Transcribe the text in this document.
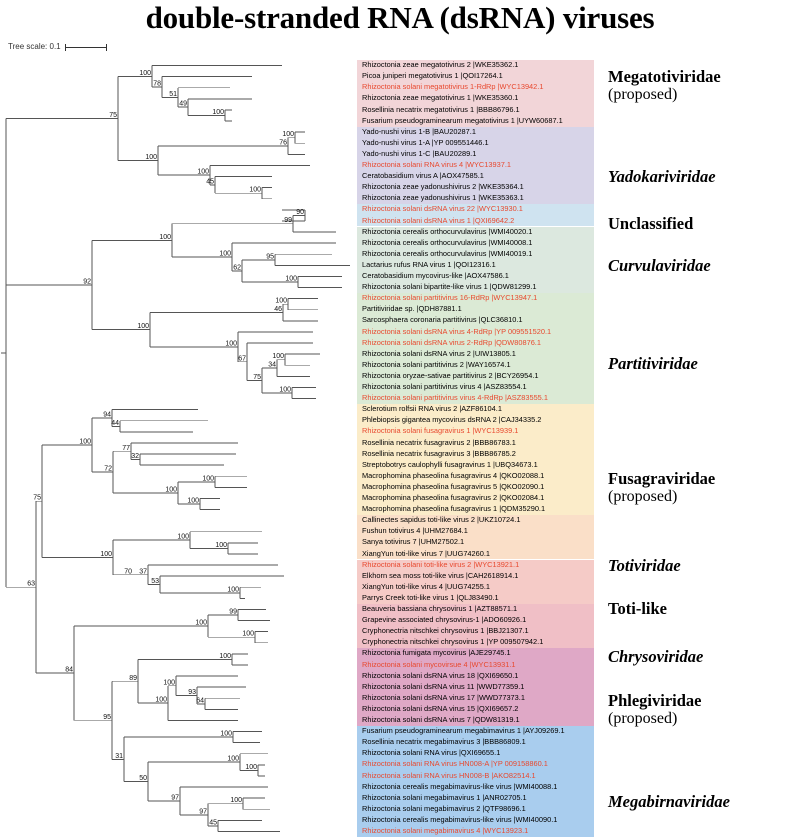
double-stranded RNA (dsRNA) viruses
Tree scale: 0.1
100
49
51
78
100
100
76
100
45
100
100
75
90
99
95
100
62
100
100
100
46
100
34
100
75
67
100
100
92
44
94
32
77
100
100
100
72
100
100
100
100
53
37
70
100
75
99
100
100
100
64
93
100
100
89
100
100
100
100
45
97
97
50
31
95
84
63
Rhizoctonia zeae megatotivirus 2 |WKE35362.1
Picoa juniperi megatotivirus 1 |QOI17264.1
Rhizoctonia solani megatotivirus 1-RdRp |WYC13942.1
Rhizoctonia zeae megatotivirus 1 |WKE35360.1
Rosellinia necatrix megatotivirus 1 |BBB86796.1
Fusarium pseudograminearum megatotivirus 1 |UYW60687.1
Yado-nushi virus 1-B |BAU20287.1
Yado-nushi virus 1-A |YP 009551446.1
Yado-nushi virus 1-C |BAU20289.1
Rhizoctonia solani RNA virus 4 |WYC13937.1
Ceratobasidium virus A |AOX47585.1
Rhizoctonia zeae yadonushivirus 2 |WKE35364.1
Rhizoctonia zeae yadonushivirus 1 |WKE35363.1
Rhizoctonia solani dsRNA virus 22 |WYC13930.1
Rhizoctonia solani dsRNA virus 1 |QXI69642.2
Rhizoctonia cerealis orthocurvulavirus |WMI40020.1
Rhizoctonia cerealis orthocurvulavirus |WMI40008.1
Rhizoctonia cerealis orthocurvulavirus |WMI40019.1
Lactarius rufus RNA virus 1 |QOI12316.1
Ceratobasidium mycovirus-like |AOX47586.1
Rhizoctonia solani bipartite-like virus 1 |QDW81299.1
Rhizoctonia solani partitivirus 16-RdRp |WYC13947.1
Partitiviridae sp. |QDH87881.1
Sarcosphaera coronaria partitivirus |QLC36810.1
Rhizoctonia solani dsRNA virus 4-RdRp |YP 009551520.1
Rhizoctonia solani dsRNA virus 2-RdRp |QDW80876.1
Rhizoctonia solani dsRNA virus 2 |UIW13805.1
Rhizoctonia solani partitivirus 2 |WAY16574.1
Rhizoctonia oryzae-sativae partitivirus 2 |BCY26954.1
Rhizoctonia solani partitivirus virus 4 |ASZ83554.1
Rhizoctonia solani partitivirus virus 4-RdRp |ASZ83555.1
Sclerotium rolfsii RNA virus 2 |AZF86104.1
Phlebiopsis gigantea mycovirus dsRNA 2 |CAJ34335.2
Rhizoctonia solani fusagravirus 1 |WYC13939.1
Rosellinia necatrix fusagravirus 2 |BBB86783.1
Rosellinia necatrix fusagravirus 3 |BBB86785.2
Streptobotrys caulophylli fusagravirus 1 |UBQ34673.1
Macrophomina phaseolina fusagravirus 4 |QKO02088.1
Macrophomina phaseolina fusagravirus 5 |QKO02090.1
Macrophomina phaseolina fusagravirus 2 |QKO02084.1
Macrophomina phaseolina fusagravirus 1 |QDM35290.1
Callinectes sapidus toti-like virus 2 |UKZ10724.1
Fushun totivirus 4 |UHM27684.1
Sanya totivirus 7 |UHM27502.1
XiangYun toti-like virus 7 |UUG74260.1
Rhizoctonia solani toti-like virus 2 |WYC13921.1
Elkhorn sea moss toti-like virus |CAH2618914.1
XiangYun toti-like virus 4 |UUG74255.1
Parrys Creek toti-like virus 1 |QLJ83490.1
Beauveria bassiana chrysovirus 1 |AZT88571.1
Grapevine associated chrysovirus-1 |ADO60926.1
Cryphonectria nitschkei chrysovirus 1 |BBJ21307.1
Cryphonectria nitschkei chrysovirus 1 |YP 009507942.1
Rhizoctonia fumigata mycovirus |AJE29745.1
Rhizoctonia solani mycovirsue 4 |WYC13931.1
Rhizoctonia solani dsRNA virus 18 |QXI69650.1
Rhizoctonia solani dsRNA virus 11 |WWD77359.1
Rhizoctonia solani dsRNA virus 17 |WWD77373.1
Rhizoctonia solani dsRNA virus 15 |QXI69657.2
Rhizoctonia solani dsRNA virus 7 |QDW81319.1
Fusarium pseudograminearum megabimavirus 1 |AYJ09269.1
Rosellinia necatrix megabimavirus 3 |BBB86809.1
Rhizoctonia solani RNA virus |QXI69655.1
Rhizoctonia solani RNA virus HN008-A |YP 009158860.1
Rhizoctonia solani RNA virus HN008-B |AKO82514.1
Rhizoctonia cerealis megabimavirus-like virus |WMI40088.1
Rhizoctonia solani megabimavirus 1 |ANR02705.1
Rhizoctonia solani megabimavirus 2 |QTF98696.1
Rhizoctonia cerealis megabimavirus-like virus |WMI40090.1
Rhizoctonia solani megabimavirus 4 |WYC13923.1
Megatotiviridae
(proposed)
Yadokariviridae
Unclassified
Curvulaviridae
Partitiviridae
Fusagraviridae
(proposed)
Totiviridae
Toti-like
Chrysoviridae
Phlegiviridae
(proposed)
Megabirnaviridae
